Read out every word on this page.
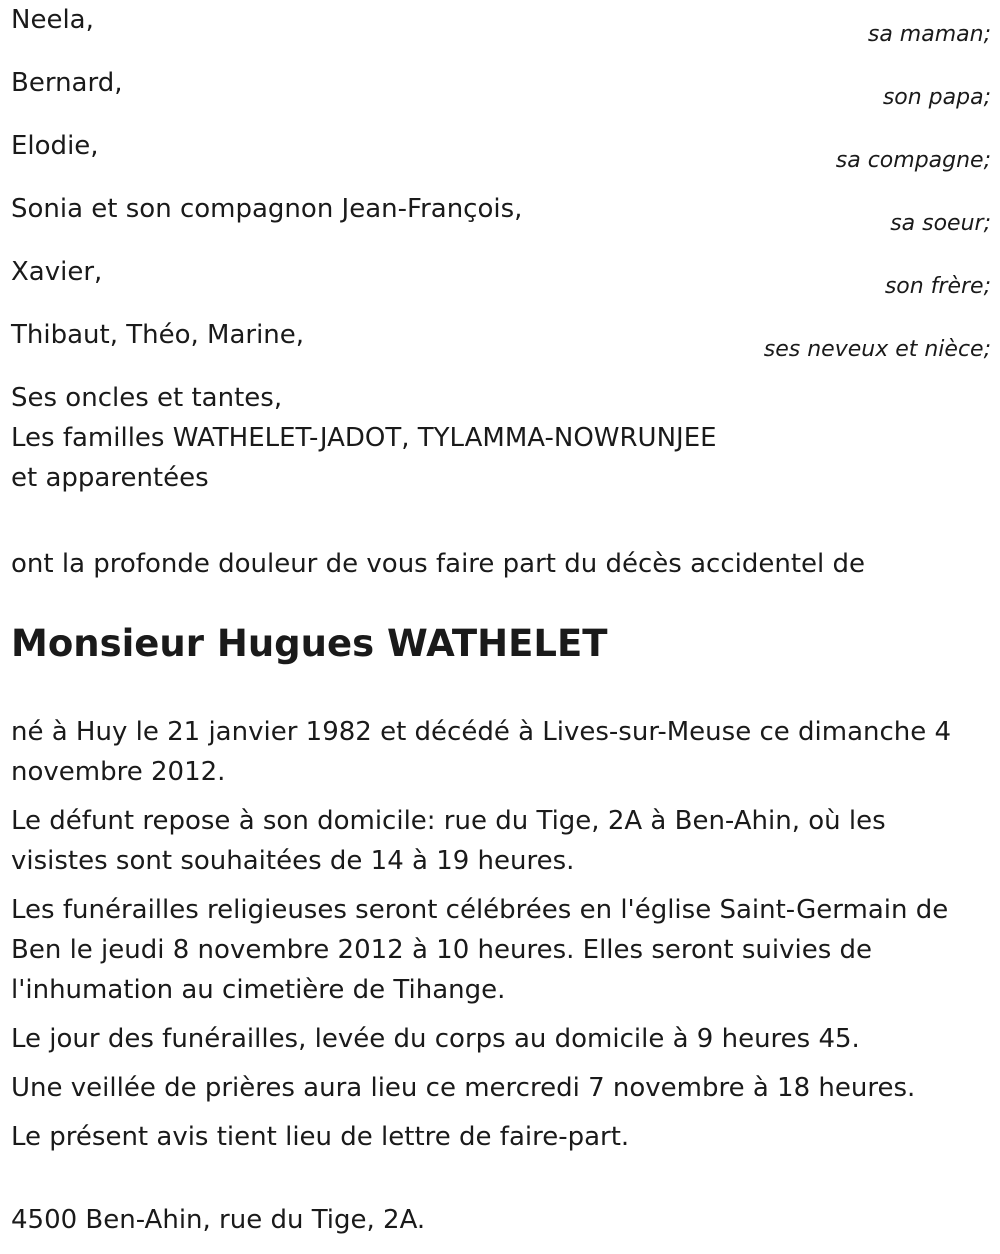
Neela,	sa maman;
Bernard,	son papa;
Elodie,	sa compagne;
Sonia et son compagnon Jean-François,	sa soeur;
Xavier,	son frère;
Thibaut, Théo, Marine,	ses neveux et nièce;
Ses oncles et tantes,
Les familles WATHELET-JADOT, TYLAMMA-NOWRUNJEE
et apparentées
ont la profonde douleur de vous faire part du décès accidentel de
Monsieur Hugues WATHELET

né à Huy le 21 janvier 1982 et décédé à Lives-sur-Meuse ce dimanche 4 novembre 2012.

Le défunt repose à son domicile: rue du Tige, 2A à Ben-Ahin, où les visistes sont souhaitées de 14 à 19 heures.

Les funérailles religieuses seront célébrées en l'église Saint-Germain de Ben le jeudi 8 novembre 2012 à 10 heures. Elles seront suivies de l'inhumation au cimetière de Tihange.

Le jour des funérailles, levée du corps au domicile à 9 heures 45.

Une veillée de prières aura lieu ce mercredi 7 novembre à 18 heures.

Le présent avis tient lieu de lettre de faire-part.

4500 Ben-Ahin, rue du Tige, 2A.
